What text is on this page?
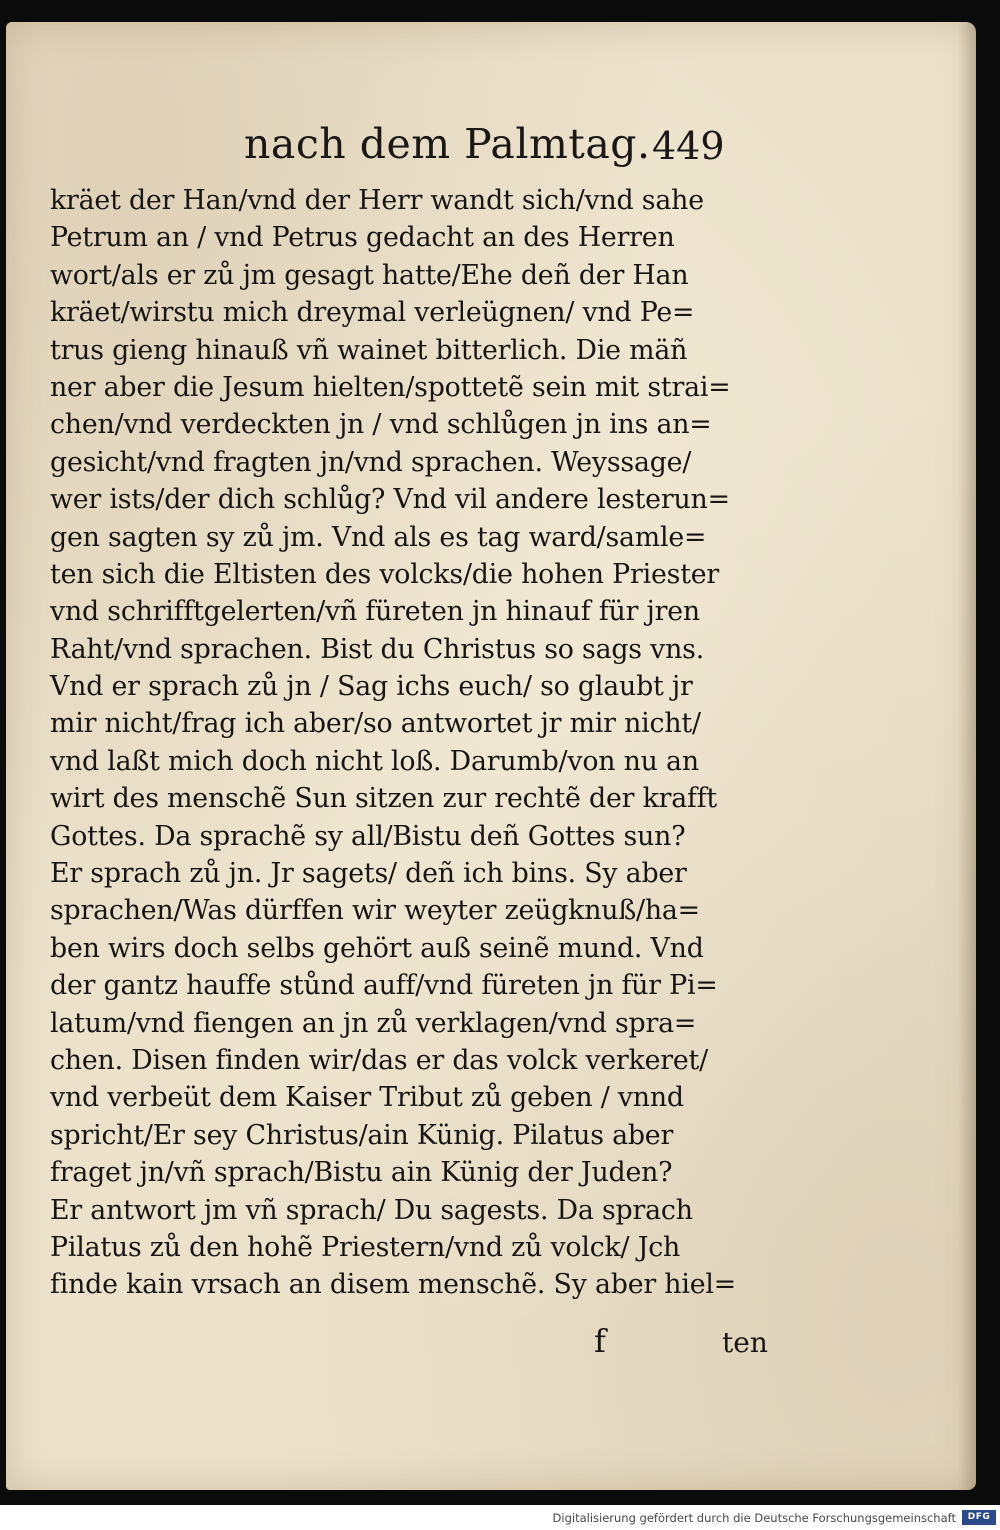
nach dem Palmtag. 449
kräet der Han/vnd der Herr wandt sich/vnd sahe
Petrum an / vnd Petrus gedacht an des Herren
wort/als er zů jm gesagt hatte/Ehe deñ der Han
kräet/wirstu mich dreymal verleügnen/ vnd Pe=
trus gieng hinauß vñ wainet bitterlich. Die mäñ
ner aber die Jesum hielten/spottetẽ sein mit strai=
chen/vnd verdeckten jn / vnd schlůgen jn ins an=
gesicht/vnd fragten jn/vnd sprachen. Weyssage/
wer ists/der dich schlůg? Vnd vil andere lesterun=
gen sagten sy zů jm. Vnd als es tag ward/samle=
ten sich die Eltisten des volcks/die hohen Priester
vnd schrifftgelerten/vñ füreten jn hinauf für jren
Raht/vnd sprachen. Bist du Christus so sags vns.
Vnd er sprach zů jn / Sag ichs euch/ so glaubt jr
mir nicht/frag ich aber/so antwortet jr mir nicht/
vnd laßt mich doch nicht loß. Darumb/von nu an
wirt des menschẽ Sun sitzen zur rechtẽ der krafft
Gottes. Da sprachẽ sy all/Bistu deñ Gottes sun?
Er sprach zů jn. Jr sagets/ deñ ich bins. Sy aber
sprachen/Was dürffen wir weyter zeügknuß/ha=
ben wirs doch selbs gehört auß seinẽ mund. Vnd
der gantz hauffe stůnd auff/vnd füreten jn für Pi=
latum/vnd fiengen an jn zů verklagen/vnd spra=
chen. Disen finden wir/das er das volck verkeret/
vnd verbeüt dem Kaiser Tribut zů geben / vnnd
spricht/Er sey Christus/ain Künig. Pilatus aber
fraget jn/vñ sprach/Bistu ain Künig der Juden?
Er antwort jm vñ sprach/ Du sagests. Da sprach
Pilatus zů den hohẽ Priestern/vnd zů volck/ Jch
finde kain vrsach an disem menschẽ. Sy aber hiel=
f	ten
Digitalisierung gefördert durch die Deutsche Forschungsgemeinschaft	DFG
